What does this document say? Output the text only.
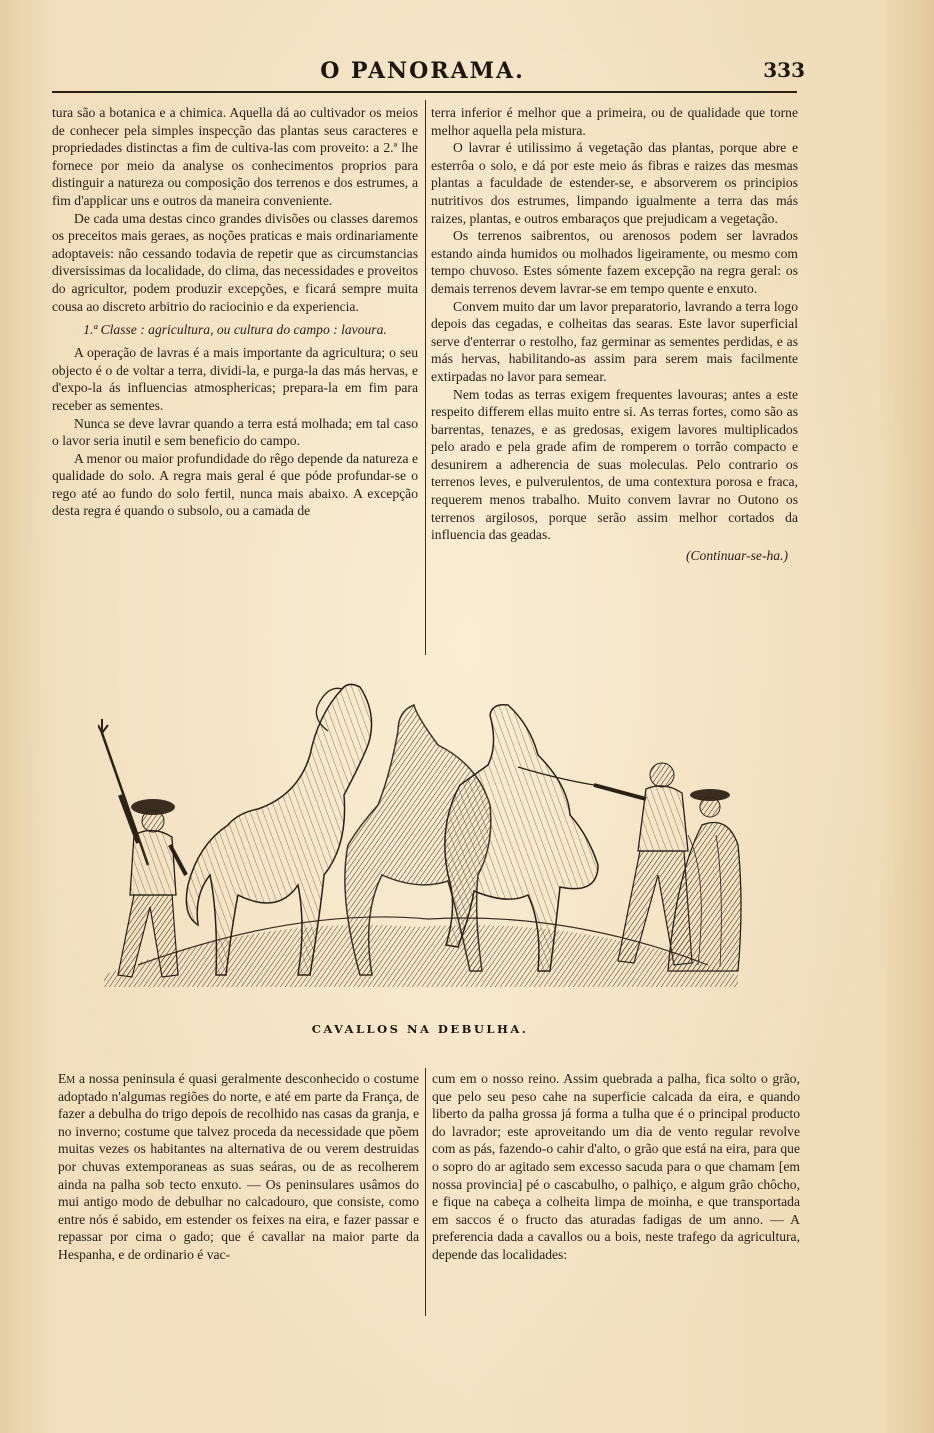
O PANORAMA.	333

tura são a botanica e a chimica. Aquella dá ao cultivador os meios de conhecer pela simples inspecção das plantas seus caracteres e propriedades distinctas a fim de cultiva-las com proveito: a 2.ª lhe fornece por meio da analyse os conhecimentos proprios para distinguir a natureza ou composição dos terrenos e dos estrumes, a fim d'applicar uns e outros da maneira conveniente.

De cada uma destas cinco grandes divisões ou classes daremos os preceitos mais geraes, as noções praticas e mais ordinariamente adoptaveis: não cessando todavia de repetir que as circumstancias diversissimas da localidade, do clima, das necessidades e proveitos do agricultor, podem produzir excepções, e ficará sempre muita cousa ao discreto arbitrio do raciocinio e da experiencia.

1.ª Classe : agricultura, ou cultura do campo : lavoura.

A operação de lavras é a mais importante da agricultura; o seu objecto é o de voltar a terra, dividi-la, e purga-la das más hervas, e d'expo-la ás influencias atmosphericas; prepara-la em fim para receber as sementes.

Nunca se deve lavrar quando a terra está molhada; em tal caso o lavor seria inutil e sem beneficio do campo.

A menor ou maior profundidade do rêgo depende da natureza e qualidade do solo. A regra mais geral é que póde profundar-se o rego até ao fundo do solo fertil, nunca mais abaixo. A excepção desta regra é quando o subsolo, ou a camada de

terra inferior é melhor que a primeira, ou de qualidade que torne melhor aquella pela mistura.

O lavrar é utilissimo á vegetação das plantas, porque abre e esterrôa o solo, e dá por este meio ás fibras e raizes das mesmas plantas a faculdade de estender-se, e absorverem os principios nutritivos dos estrumes, limpando igualmente a terra das más raizes, plantas, e outros embaraços que prejudicam a vegetação.

Os terrenos saibrentos, ou arenosos podem ser lavrados estando ainda humidos ou molhados ligeiramente, ou mesmo com tempo chuvoso. Estes sómente fazem excepção na regra geral: os demais terrenos devem lavrar-se em tempo quente e enxuto.

Convem muito dar um lavor preparatorio, lavrando a terra logo depois das cegadas, e colheitas das searas. Este lavor superficial serve d'enterrar o restolho, faz germinar as sementes perdidas, e as más hervas, habilitando-as assim para serem mais facilmente extirpadas no lavor para semear.

Nem todas as terras exigem frequentes lavouras; antes a este respeito differem ellas muito entre si. As terras fortes, como são as barrentas, tenazes, e as gredosas, exigem lavores multiplicados pelo arado e pela grade afim de romperem o torrão compacto e desunirem a adherencia de suas moleculas. Pelo contrario os terrenos leves, e pulverulentos, de uma contextura porosa e fraca, requerem menos trabalho. Muito convem lavrar no Outono os terrenos argilosos, porque serão assim melhor cortados da influencia das geadas.

(Continuar-se-ha.)

CAVALLOS NA DEBULHA.

Em a nossa peninsula é quasi geralmente desconhecido o costume adoptado n'algumas regiões do norte, e até em parte da França, de fazer a debulha do trigo depois de recolhido nas casas da granja, e no inverno; costume que talvez proceda da necessidade que põem muitas vezes os habitantes na alternativa de ou verem destruidas por chuvas extemporaneas as suas seáras, ou de as recolherem ainda na palha sob tecto enxuto. — Os peninsulares usâmos do mui antigo modo de debulhar no calcadouro, que consiste, como entre nós é sabido, em estender os feixes na eira, e fazer passar e repassar por cima o gado; que é cavallar na maior parte da Hespanha, e de ordinario é vac-

cum em o nosso reino. Assim quebrada a palha, fica solto o grão, que pelo seu peso cahe na superficie calcada da eira, e quando liberto da palha grossa já forma a tulha que é o principal producto do lavrador; este aproveitando um dia de vento regular revolve com as pás, fazendo-o cahir d'alto, o grão que está na eira, para que o sopro do ar agitado sem excesso sacuda para o que chamam [em nossa provincia] pé o cascabulho, o palhiço, e algum grão chôcho, e fique na cabeça a colheita limpa de moinha, e que transportada em saccos é o fructo das aturadas fadigas de um anno. — A preferencia dada a cavallos ou a bois, neste trafego da agricultura, depende das localidades:
